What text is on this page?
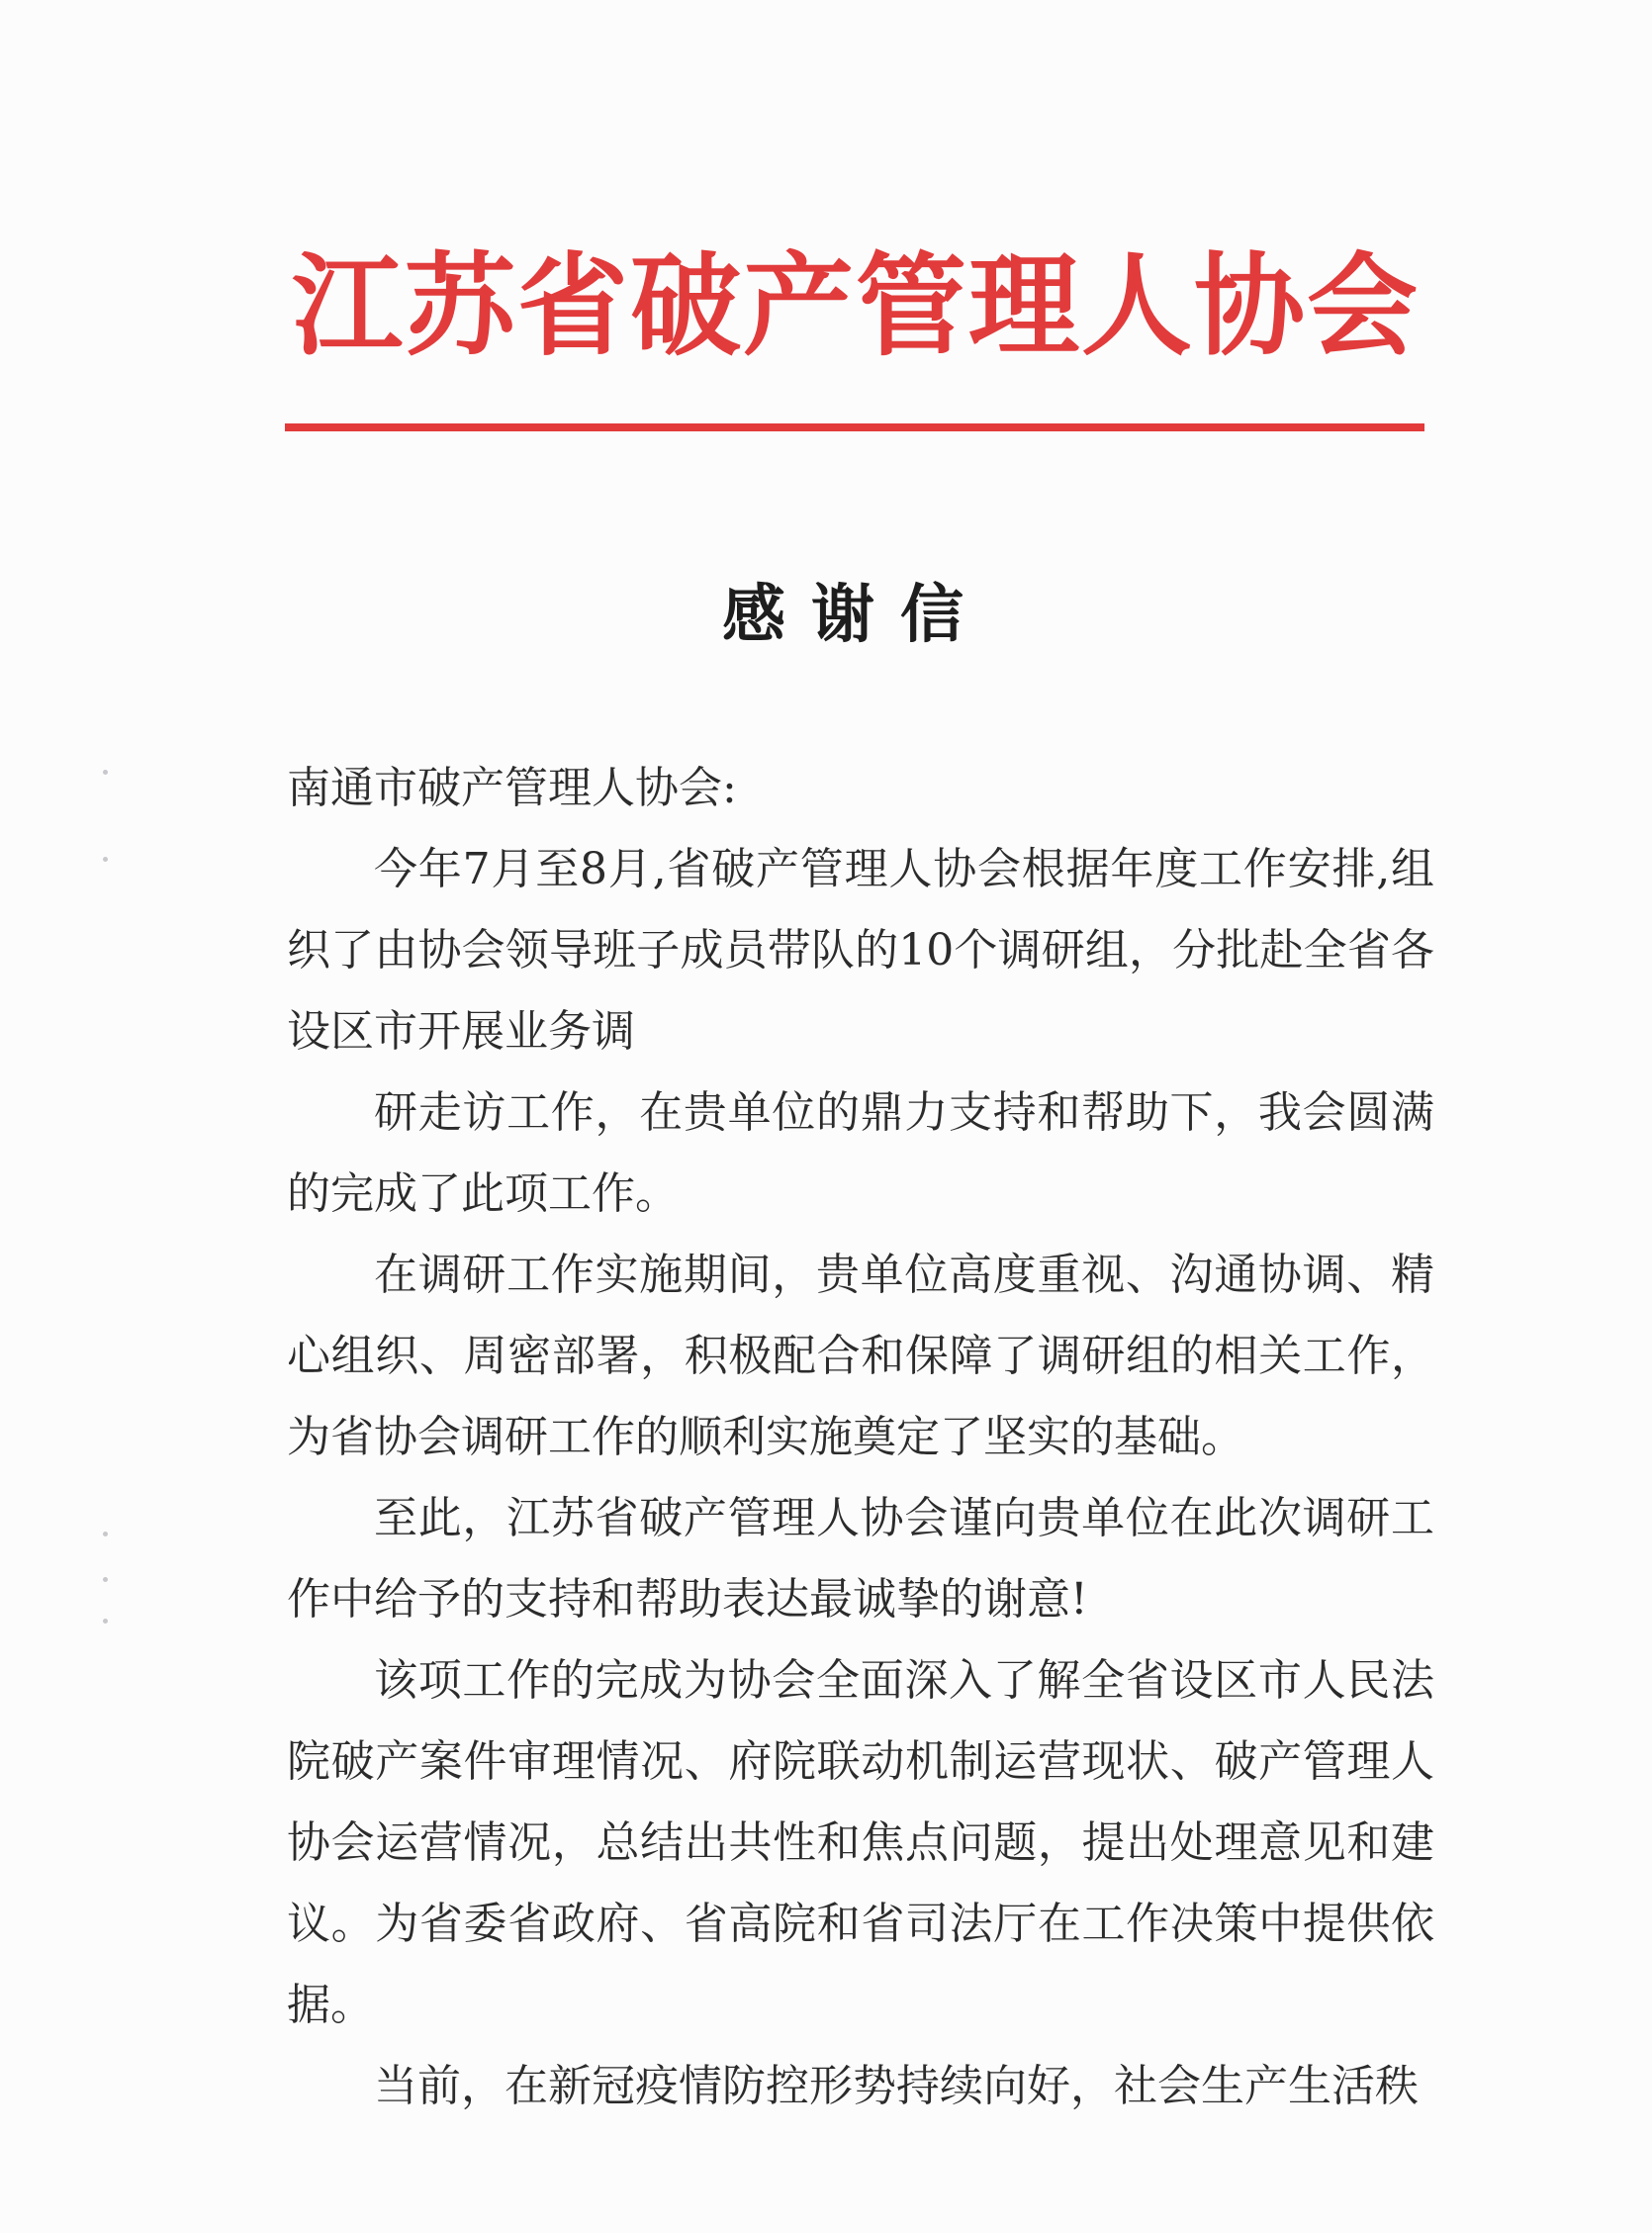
江苏省破产管理人协会
感谢信

南通市破产管理人协会:

今年7月至8月,省破产管理人协会根据年度工作安排,组织了由协会领导班子成员带队的10个调研组，分批赴全省各设区市开展业务调

研走访工作，在贵单位的鼎力支持和帮助下，我会圆满的完成了此项工作。

在调研工作实施期间，贵单位高度重视、沟通协调、精心组织、周密部署，积极配合和保障了调研组的相关工作，为省协会调研工作的顺利实施奠定了坚实的基础。

至此，江苏省破产管理人协会谨向贵单位在此次调研工作中给予的支持和帮助表达最诚挚的谢意!

该项工作的完成为协会全面深入了解全省设区市人民法院破产案件审理情况、府院联动机制运营现状、破产管理人协会运营情况，总结出共性和焦点问题，提出处理意见和建议。为省委省政府、省高院和省司法厅在工作决策中提供依据。

当前，在新冠疫情防控形势持续向好，社会生产生活秩
